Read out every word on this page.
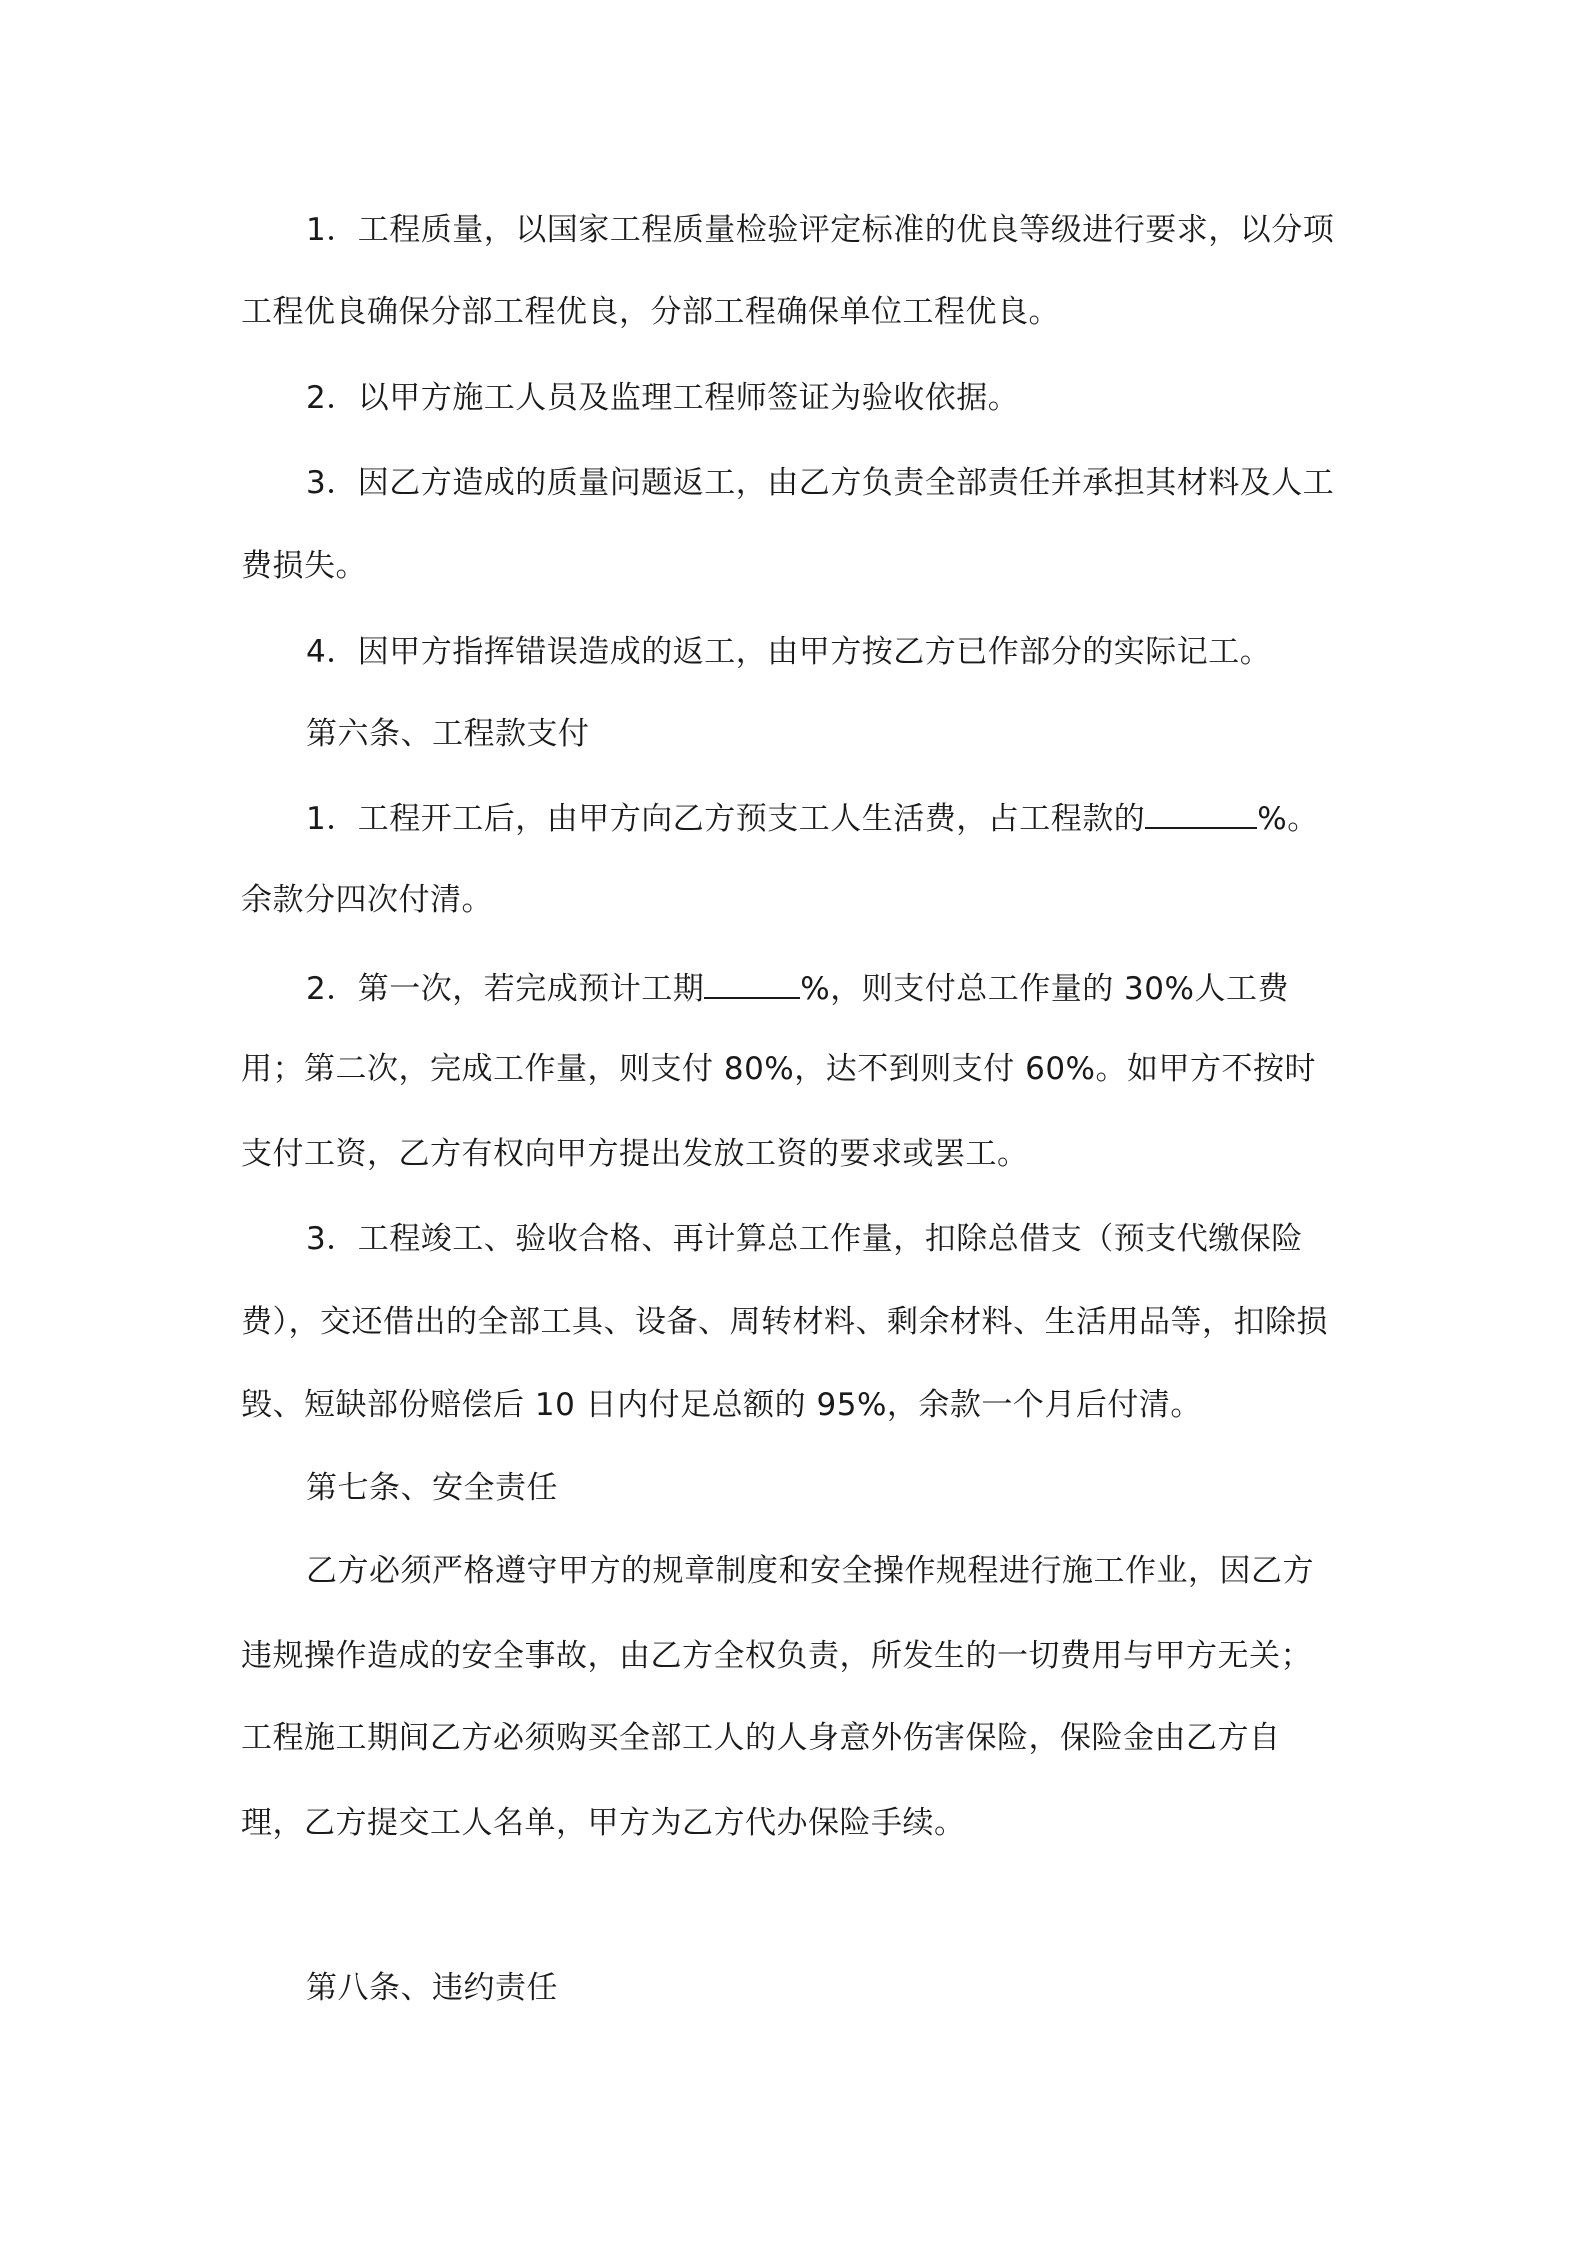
1．工程质量，以国家工程质量检验评定标准的优良等级进行要求，以分项
工程优良确保分部工程优良，分部工程确保单位工程优良。
2．以甲方施工人员及监理工程师签证为验收依据。
3．因乙方造成的质量问题返工，由乙方负责全部责任并承担其材料及人工
费损失。
4．因甲方指挥错误造成的返工，由甲方按乙方已作部分的实际记工。
第六条、工程款支付
1．工程开工后，由甲方向乙方预支工人生活费，占工程款的	%。
余款分四次付清。
2．第一次，若完成预计工期	%，则支付总工作量的 30%人工费
用；第二次，完成工作量，则支付 80%，达不到则支付 60%。如甲方不按时
支付工资，乙方有权向甲方提出发放工资的要求或罢工。
3．工程竣工、验收合格、再计算总工作量，扣除总借支（预支代缴保险
费），交还借出的全部工具、设备、周转材料、剩余材料、生活用品等，扣除损
毁、短缺部份赔偿后 10 日内付足总额的 95%，余款一个月后付清。
第七条、安全责任
乙方必须严格遵守甲方的规章制度和安全操作规程进行施工作业，因乙方
违规操作造成的安全事故，由乙方全权负责，所发生的一切费用与甲方无关；
工程施工期间乙方必须购买全部工人的人身意外伤害保险，保险金由乙方自
理，乙方提交工人名单，甲方为乙方代办保险手续。
第八条、违约责任
